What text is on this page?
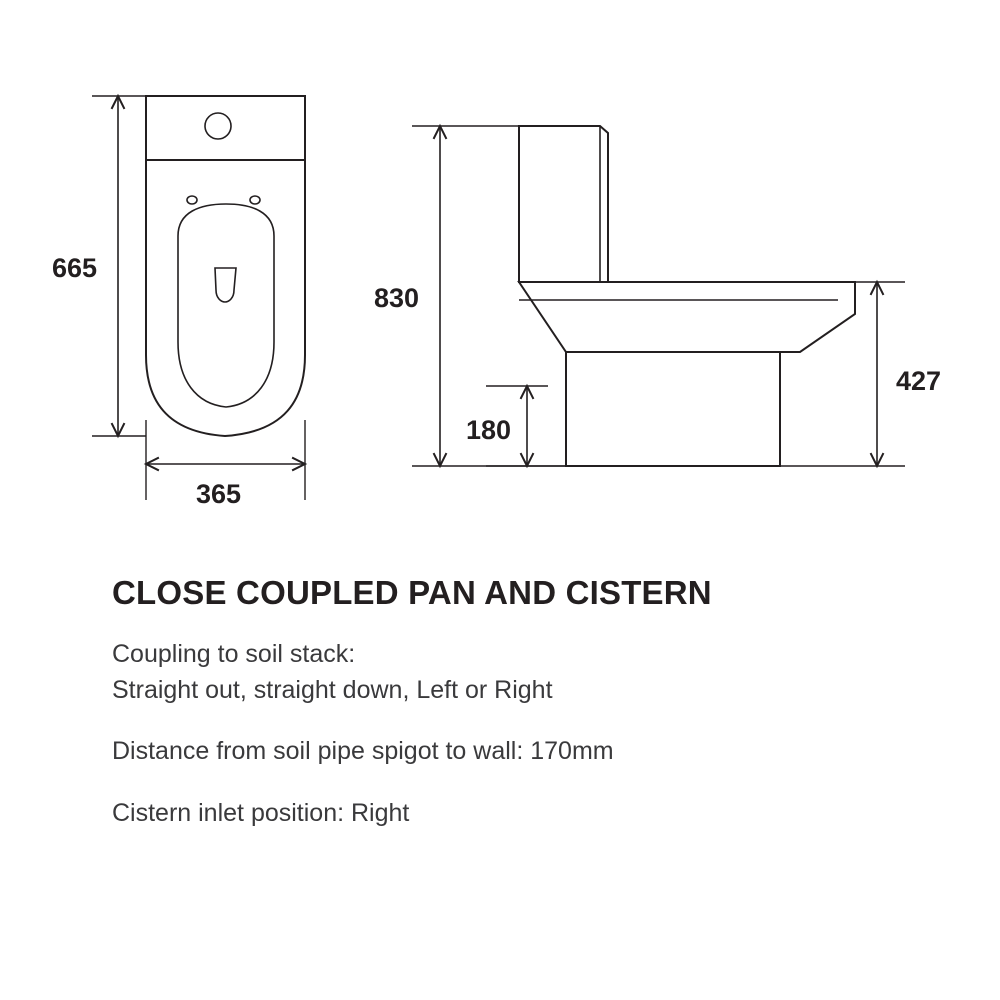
665
365
830
180
427
CLOSE COUPLED PAN AND CISTERN

Coupling to soil stack:

Straight out, straight down, Left or Right

Distance from soil pipe spigot to wall: 170mm

Cistern inlet position: Right
